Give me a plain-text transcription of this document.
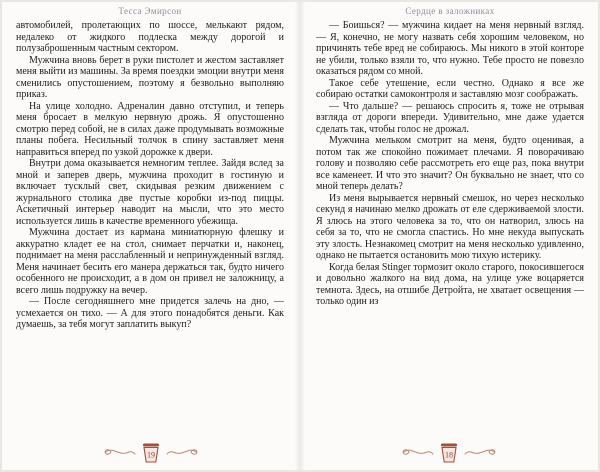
Тесса Эмирсон

автомобилей, пролетающих по шоссе, мелькают рядом, недалеко от жидкого подлеска между дорогой и полузаброшенным частным сектором.

Мужчина вновь берет в руки пистолет и жестом заставляет меня выйти из машины. За время поездки эмоции внутри меня сменились опустошением, поэтому я безвольно выполняю приказ.

На улице холодно. Адреналин давно отступил, и теперь меня бросает в мелкую нервную дрожь. Я опустошенно смотрю перед собой, не в силах даже продумывать возможные планы побега. Несильный толчок в спину заставляет меня направиться вперед по узкой дорожке к двери.

Внутри дома оказывается немногим теплее. Зайдя вслед за мной и заперев дверь, мужчина проходит в гостиную и включает тусклый свет, скидывая резким движением с журнального столика две пустые коробки из-под пиццы. Аскетичный интерьер наводит на мысли, что это место используется лишь в качестве временного убежища.

Мужчина достает из кармана миниатюрную флешку и аккуратно кладет ее на стол, снимает перчатки и, наконец, поднимает на меня расслабленный и непринужденный взгляд. Меня начинает бесить его манера держаться так, будто ничего особенного не происходит, а в дом он привел не заложницу, а всего лишь подружку на вечер.

— После сегодняшнего мне придется залечь на дно, — усмехается он тихо. — А для этого понадобятся деньги. Как думаешь, за тебя могут заплатить выкуп?

19
Сердце в заложниках

— Боишься? — мужчина кидает на меня нервный взгляд. — Я, конечно, не могу назвать себя хорошим человеком, но причинять тебе вред не собираюсь. Мы никого в этой конторе не убили, только взяли то, что нужно. Тебе просто не повезло оказаться рядом со мной.

Такое себе утешение, если честно. Однако я все же собираю остатки самоконтроля и заставляю мозг соображать.

— Что дальше? — решаюсь спросить я, тоже не отрывая взгляда от дороги впереди. Удивительно, мне даже удается сделать так, чтобы голос не дрожал.

Мужчина мельком смотрит на меня, будто оценивая, а потом так же спокойно пожимает плечами. Я поворачиваю голову и позволяю себе рассмотреть его еще раз, пока внутри все каменеет. И что это значит? Он буквально не знает, что со мной теперь делать?

Из меня вырывается нервный смешок, но через несколько секунд я начинаю мелко дрожать от еле сдерживаемой злости. Я злюсь на этого человека за то, что он натворил, злюсь на себя за то, что не смогла спастись. Но мне некуда выпускать эту злость. Незнакомец смотрит на меня несколько удивленно, однако не пытается остановить мою тихую истерику.

Когда белая Stinger тормозит около старого, покосившегося и довольно жалкого на вид дома, на улице уже воцаряется темнота. Здесь, на отшибе Детройта, не хватает освещения — только один из

18
